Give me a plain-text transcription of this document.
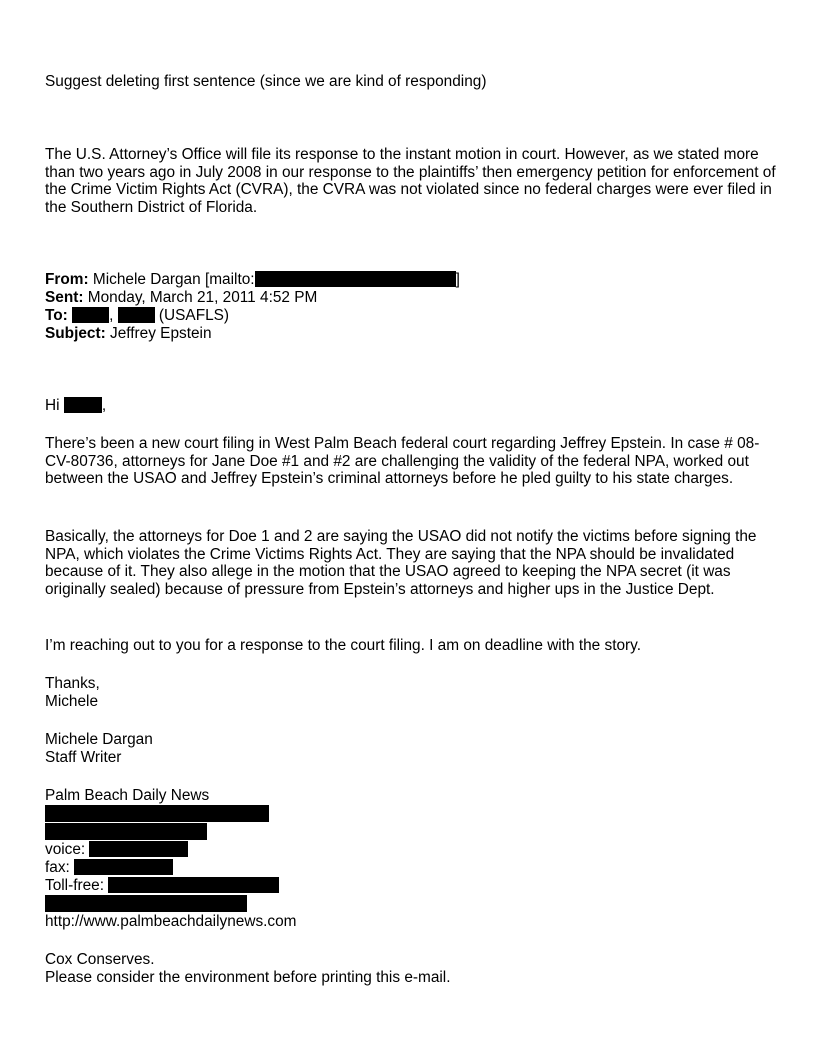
Suggest deleting first sentence (since we are kind of responding)
The U.S. Attorney’s Office will file its response to the instant motion in court. However, as we stated more than two years ago in July 2008 in our response to the plaintiffs’ then emergency petition for enforcement of the Crime Victim Rights Act (CVRA), the CVRA was not violated since no federal charges were ever filed in the Southern District of Florida.
From: Michele Dargan [mailto:	]
Sent: Monday, March 21, 2011 4:52 PM
To:	,	(USAFLS)
Subject: Jeffrey Epstein
Hi	,
There’s been a new court filing in West Palm Beach federal court regarding Jeffrey Epstein. In case # 08-CV-80736, attorneys for Jane Doe #1 and #2 are challenging the validity of the federal NPA, worked out between the USAO and Jeffrey Epstein’s criminal attorneys before he pled guilty to his state charges.
Basically, the attorneys for Doe 1 and 2 are saying the USAO did not notify the victims before signing the NPA, which violates the Crime Victims Rights Act. They are saying that the NPA should be invalidated because of it. They also allege in the motion that the USAO agreed to keeping the NPA secret (it was originally sealed) because of pressure from Epstein’s attorneys and higher ups in the Justice Dept.
I’m reaching out to you for a response to the court filing. I am on deadline with the story.
Thanks,
Michele
Michele Dargan
Staff Writer
Palm Beach Daily News
voice:
fax:
Toll-free:
http://www.palmbeachdailynews.com
Cox Conserves.
Please consider the environment before printing this e-mail.
